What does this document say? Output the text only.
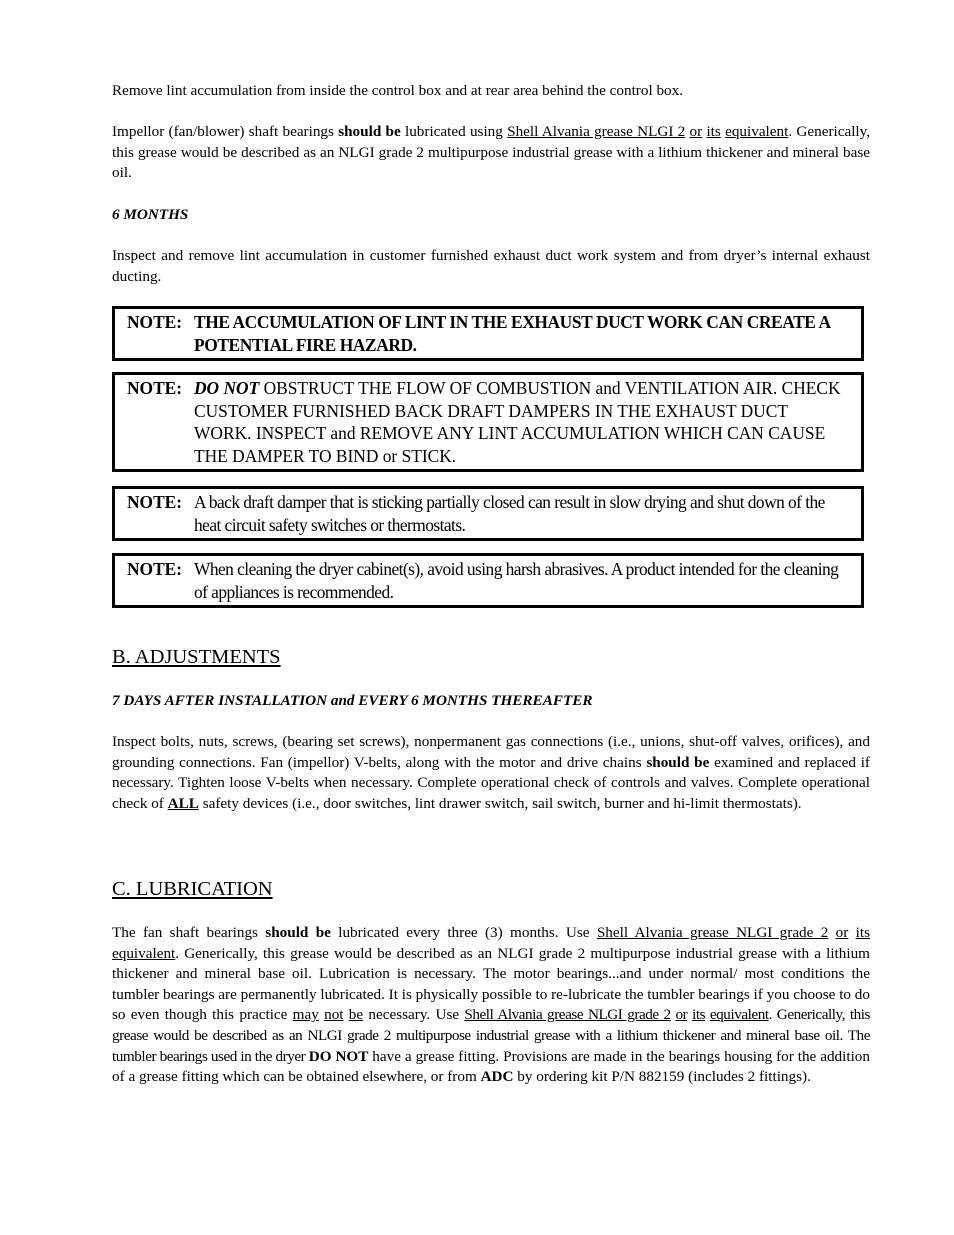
Remove lint accumulation from inside the control box and at rear area behind the control box.

Impellor (fan/blower) shaft bearings should be lubricated using Shell Alvania grease NLGI 2 or its equivalent. Generically, this grease would be described as an NLGI grade 2 multipurpose industrial grease with a lithium thickener and mineral base oil.

6 MONTHS

Inspect and remove lint accumulation in customer furnished exhaust duct work system and from dryer’s internal exhaust ducting.

NOTE: THE ACCUMULATION OF LINT IN THE EXHAUST DUCT WORK CAN CREATE A POTENTIAL FIRE HAZARD.
NOTE: DO NOT OBSTRUCT THE FLOW OF COMBUSTION and VENTILATION AIR. CHECK CUSTOMER FURNISHED BACK DRAFT DAMPERS IN THE EXHAUST DUCT WORK. INSPECT and REMOVE ANY LINT ACCUMULATION WHICH CAN CAUSE THE DAMPER TO BIND or STICK.
NOTE: A back draft damper that is sticking partially closed can result in slow drying and shut down of the heat circuit safety switches or thermostats.
NOTE: When cleaning the dryer cabinet(s), avoid using harsh abrasives. A product intended for the cleaning of appliances is recommended.
B. ADJUSTMENTS
7 DAYS AFTER INSTALLATION and EVERY 6 MONTHS THEREAFTER

Inspect bolts, nuts, screws, (bearing set screws), nonpermanent gas connections (i.e., unions, shut-off valves, orifices), and grounding connections. Fan (impellor) V-belts, along with the motor and drive chains should be examined and replaced if necessary. Tighten loose V-belts when necessary. Complete operational check of controls and valves. Complete operational check of ALL safety devices (i.e., door switches, lint drawer switch, sail switch, burner and hi-limit thermostats).

C. LUBRICATION

The fan shaft bearings should be lubricated every three (3) months. Use Shell Alvania grease NLGI grade 2 or its equivalent. Generically, this grease would be described as an NLGI grade 2 multipurpose industrial grease with a lithium thickener and mineral base oil. Lubrication is necessary. The motor bearings...and under normal/ most conditions the tumbler bearings are permanently lubricated. It is physically possible to re-lubricate the tumbler bearings if you choose to do so even though this practice may not be necessary. Use Shell Alvania grease NLGI grade 2 or its equivalent. Generically, this grease would be described as an NLGI grade 2 multipurpose industrial grease with a lithium thickener and mineral base oil. The tumbler bearings used in the dryer DO NOT have a grease fitting. Provisions are made in the bearings housing for the addition of a grease fitting which can be obtained elsewhere, or from ADC by ordering kit P/N 882159 (includes 2 fittings).
